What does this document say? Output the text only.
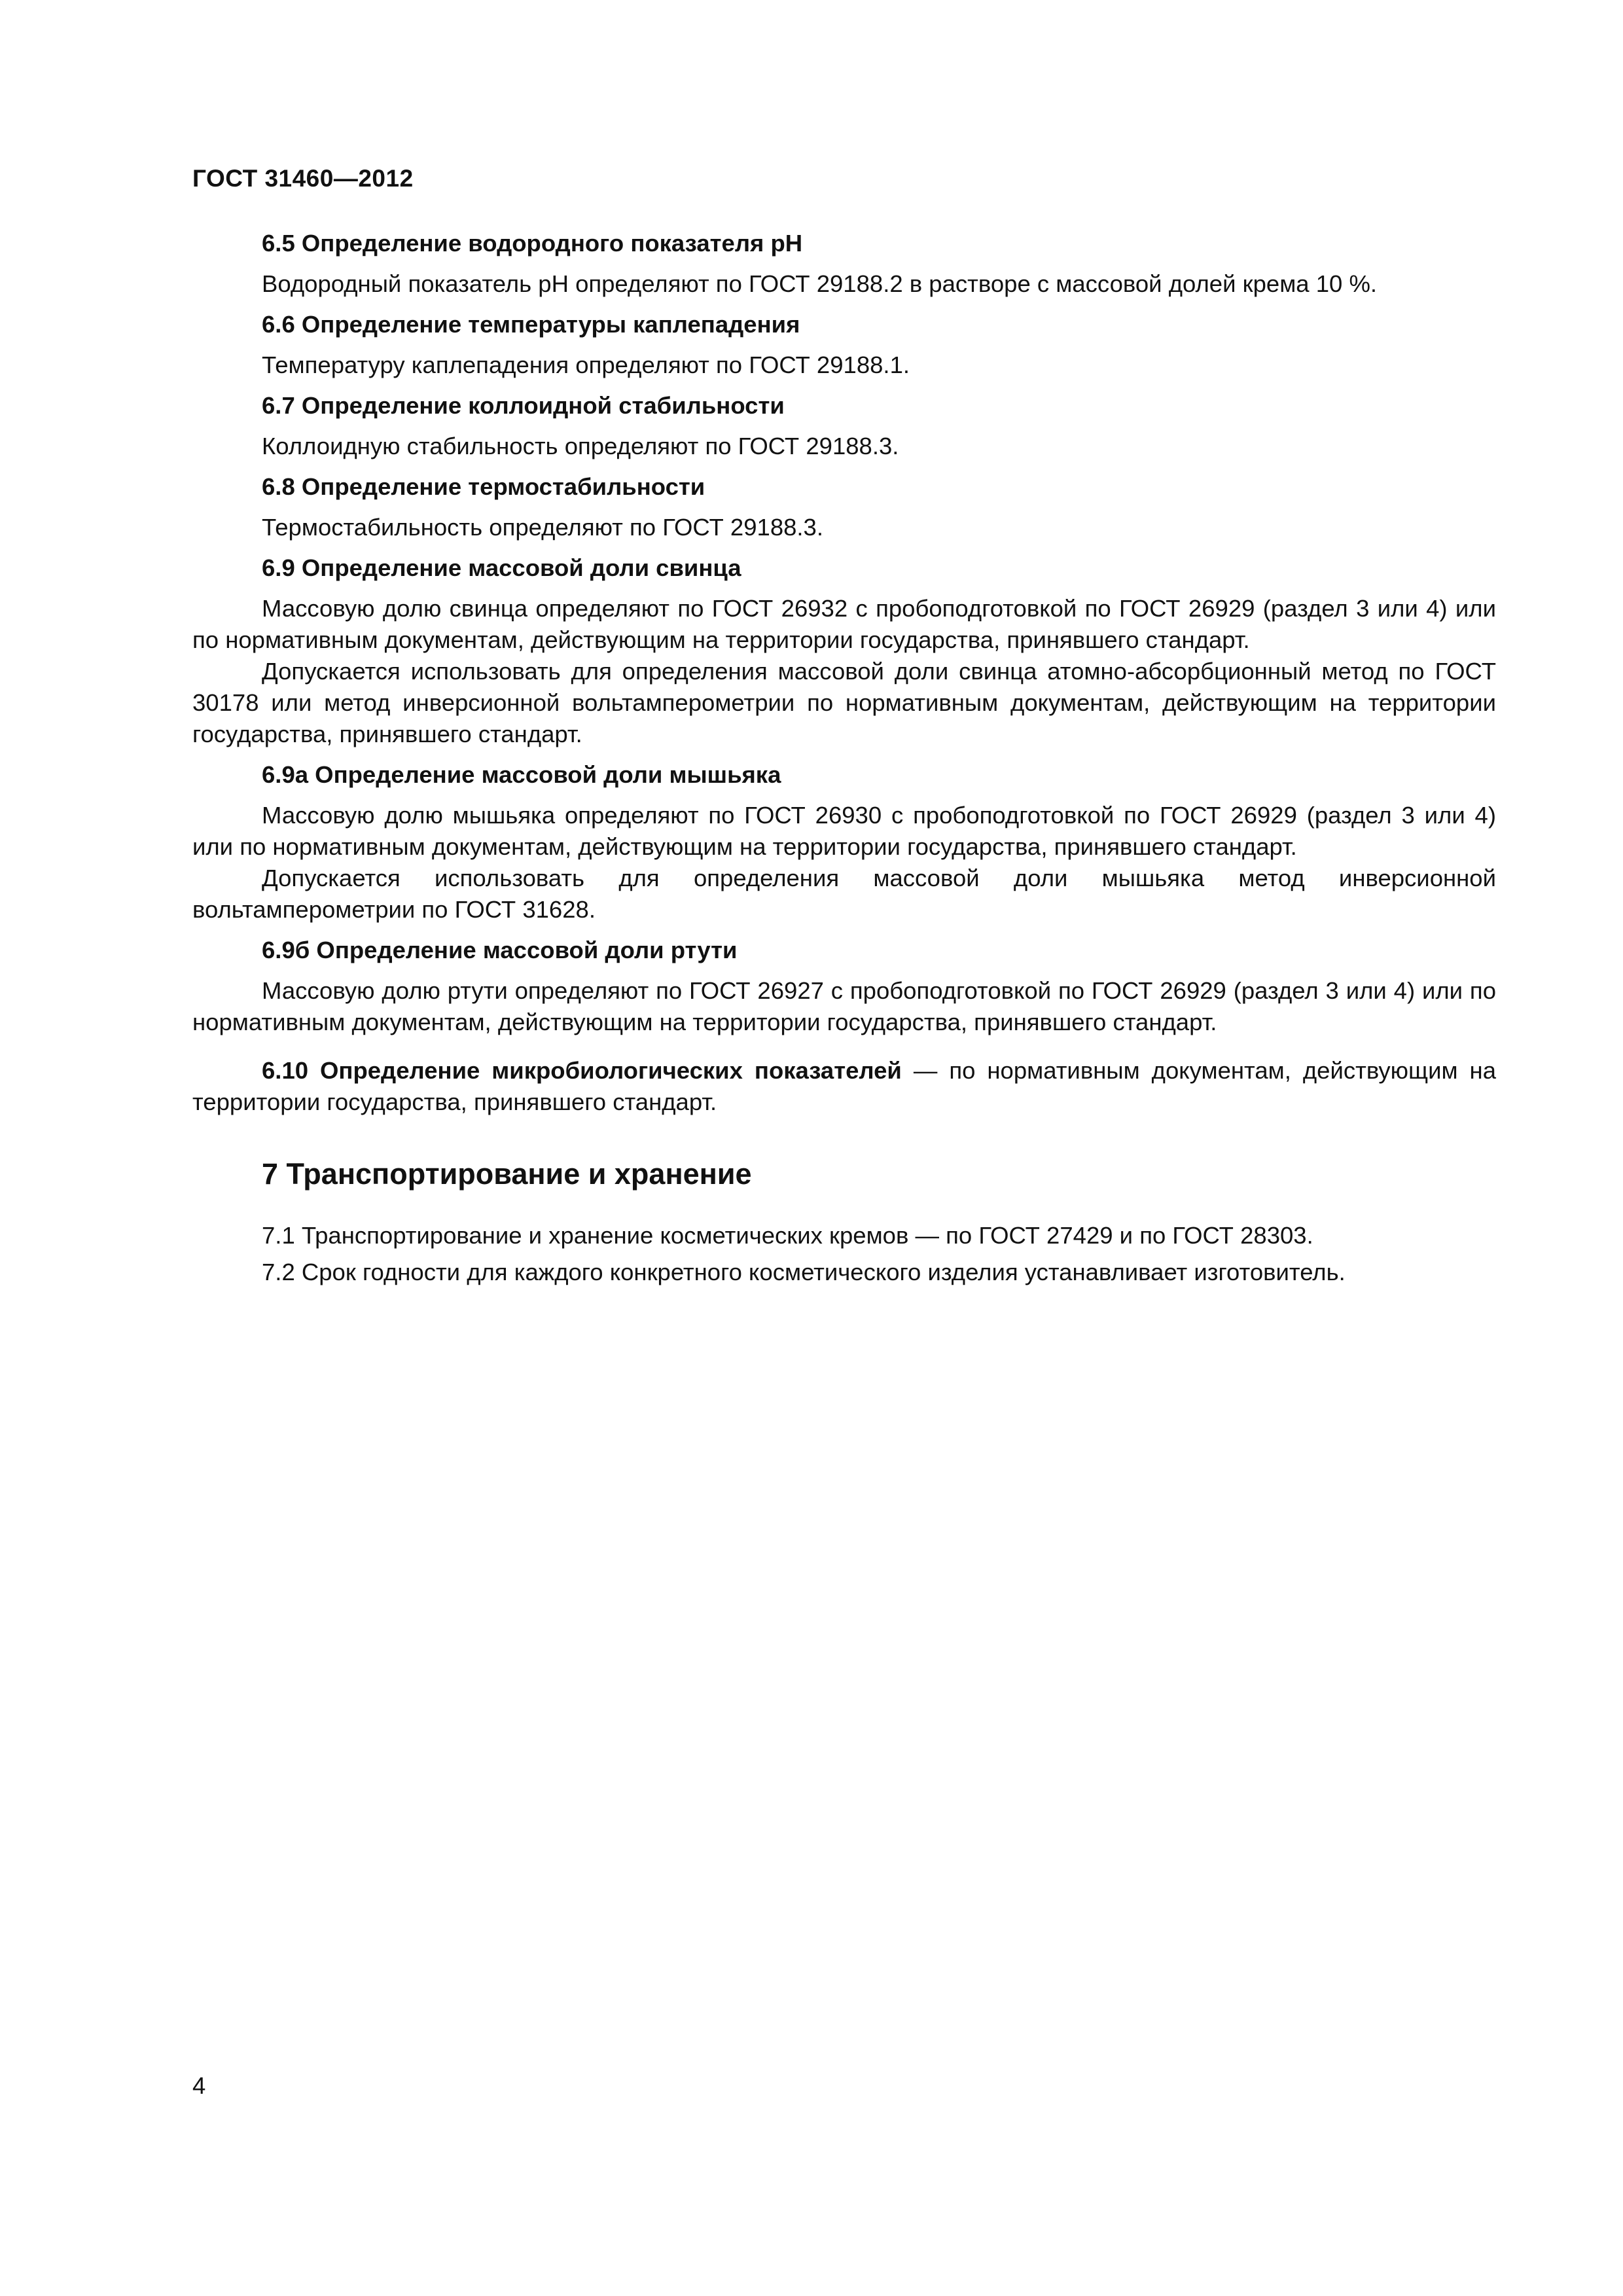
ГОСТ 31460—2012

6.5 Определение водородного показателя pH

Водородный показатель pH определяют по ГОСТ 29188.2 в растворе с массовой долей крема 10 %.

6.6 Определение температуры каплепадения

Температуру каплепадения определяют по ГОСТ 29188.1.

6.7 Определение коллоидной стабильности

Коллоидную стабильность определяют по ГОСТ 29188.3.

6.8 Определение термостабильности

Термостабильность определяют по ГОСТ 29188.3.

6.9 Определение массовой доли свинца

Массовую долю свинца определяют по ГОСТ 26932 с пробоподготовкой по ГОСТ 26929 (раздел 3 или 4) или по нормативным документам, действующим на территории государства, принявшего стандарт.

Допускается использовать для определения массовой доли свинца атомно-абсорбционный метод по ГОСТ 30178 или метод инверсионной вольтамперометрии по нормативным документам, действующим на территории государства, принявшего стандарт.

6.9а Определение массовой доли мышьяка

Массовую долю мышьяка определяют по ГОСТ 26930 с пробоподготовкой по ГОСТ 26929 (раздел 3 или 4) или по нормативным документам, действующим на территории государства, принявшего стандарт.

Допускается использовать для определения массовой доли мышьяка метод инверсионной вольтамперометрии по ГОСТ 31628.

6.9б Определение массовой доли ртути

Массовую долю ртути определяют по ГОСТ 26927 с пробоподготовкой по ГОСТ 26929 (раздел 3 или 4) или по нормативным документам, действующим на территории государства, принявшего стандарт.

6.10 Определение микробиологических показателей — по нормативным документам, действующим на территории государства, принявшего стандарт.

7 Транспортирование и хранение

7.1 Транспортирование и хранение косметических кремов — по ГОСТ 27429 и по ГОСТ 28303.

7.2 Срок годности для каждого конкретного косметического изделия устанавливает изготовитель.

4
